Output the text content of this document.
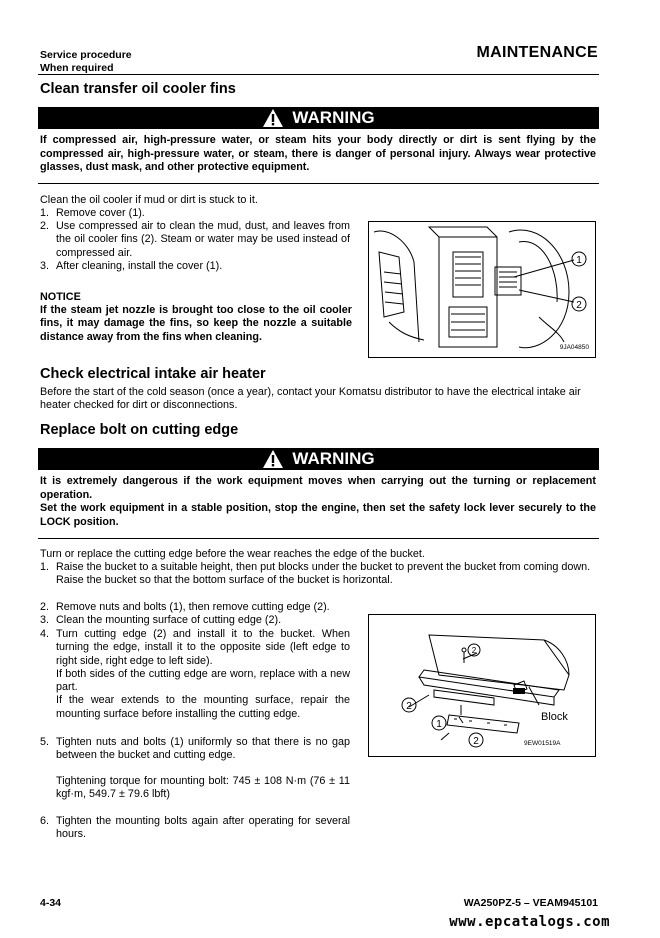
Service procedure
When required
MAINTENANCE
Clean transfer oil cooler fins
WARNING
If compressed air, high-pressure water, or steam hits your body directly or dirt is sent flying by the compressed air, high-pressure water, or steam, there is danger of personal injury. Always wear protective glasses, dust mask, and other protective equipment.
Clean the oil cooler if mud or dirt is stuck to it.
1. Remove cover (1).
2. Use compressed air to clean the mud, dust, and leaves from the oil cooler fins (2). Steam or water may be used instead of compressed air.
3. After cleaning, install the cover (1).
NOTICE
If the steam jet nozzle is brought too close to the oil cooler fins, it may damage the fins, so keep the nozzle a suitable distance away from the fins when cleaning.
1
2
9JA04850
Check electrical intake air heater
Before the start of the cold season (once a year), contact your Komatsu distributor to have the electrical intake air heater checked for dirt or disconnections.
Replace bolt on cutting edge
WARNING
It is extremely dangerous if the work equipment moves when carrying out the turning or replacement operation.
Set the work equipment in a stable position, stop the engine, then set the safety lock lever securely to the LOCK position.
Turn or replace the cutting edge before the wear reaches the edge of the bucket.
1. Raise the bucket to a suitable height, then put blocks under the bucket to prevent the bucket from coming down.
Raise the bucket so that the bottom surface of the bucket is horizontal.
2. Remove nuts and bolts (1), then remove cutting edge (2).
3. Clean the mounting surface of cutting edge (2).
4. Turn cutting edge (2) and install it to the bucket. When turning the edge, install it to the opposite side (left edge to right side, right edge to left side).
If both sides of the cutting edge are worn, replace with a new part.
If the wear extends to the mounting surface, repair the mounting surface before installing the cutting edge.
5. Tighten nuts and bolts (1) uniformly so that there is no gap between the bucket and cutting edge.
Tightening torque for mounting bolt: 745 ± 108 N·m (76 ± 11 kgf·m, 549.7 ± 79.6 lbft)
6. Tighten the mounting bolts again after operating for several hours.
2
2
1
2
Block
9EW01519A
4-34	WA250PZ-5 – VEAM945101
www.epcatalogs.com
